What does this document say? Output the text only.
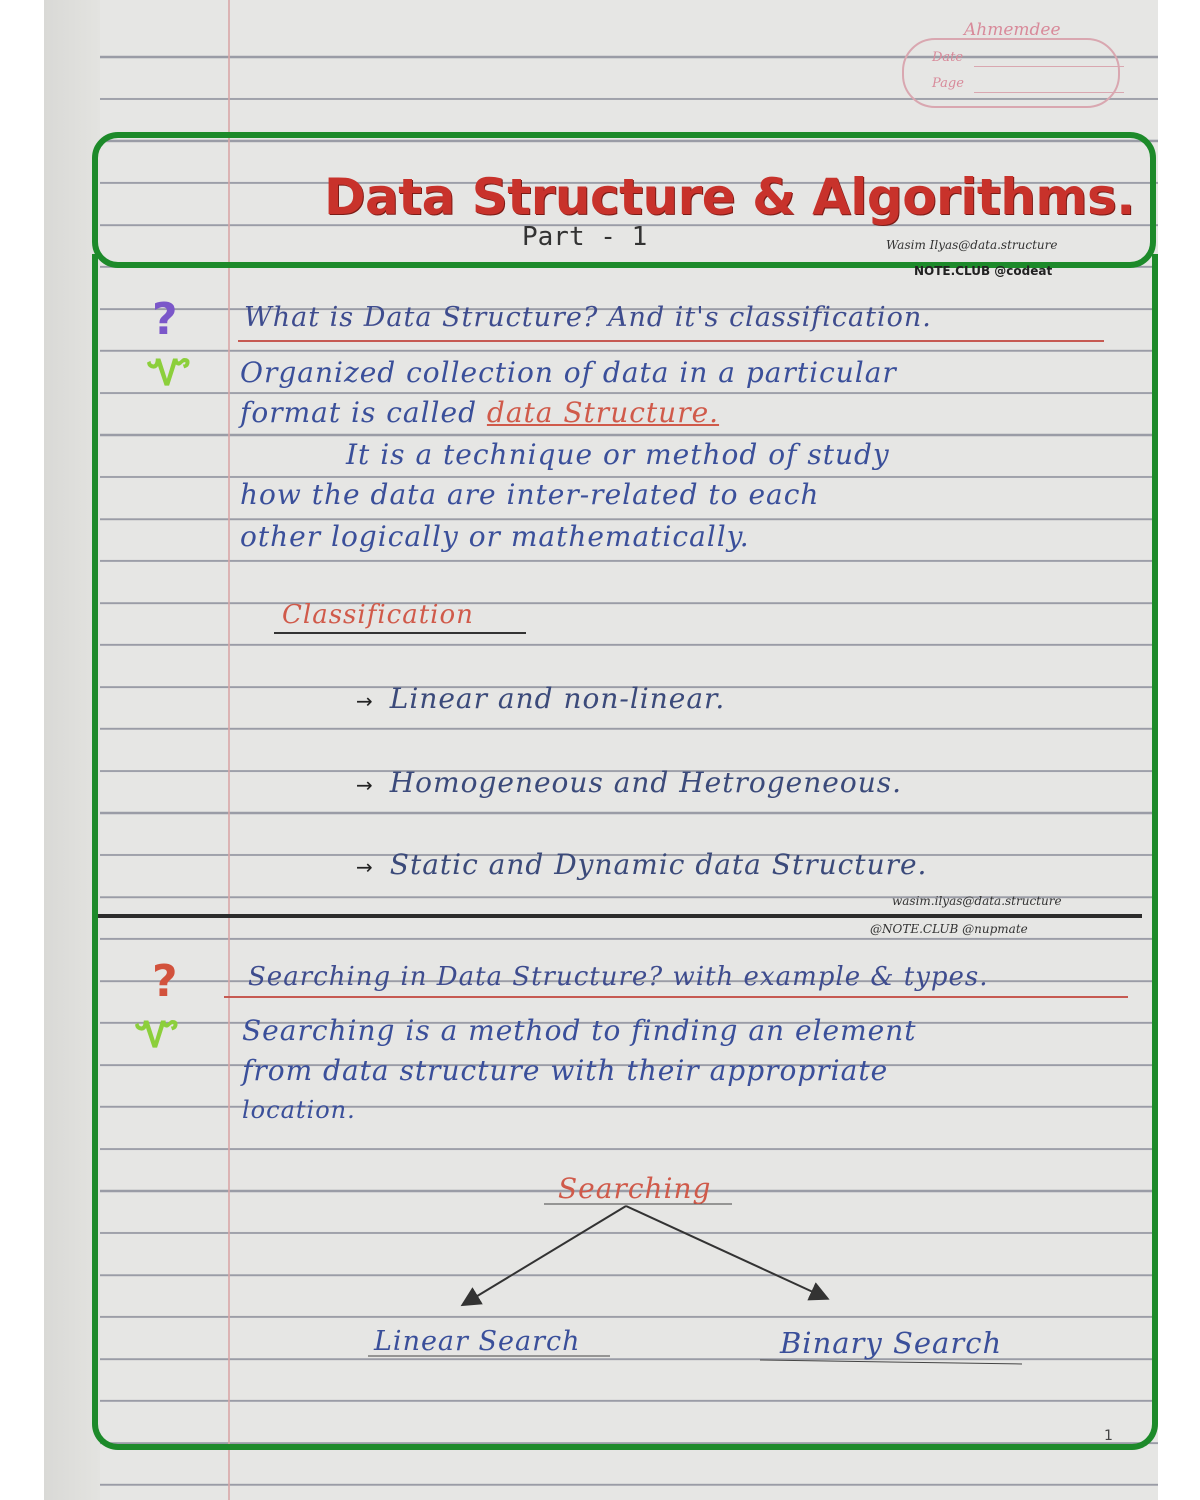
Ahmemdee
Date
Page
Data Structure & Algorithms.
Part - 1	Wasim Ilyas@data.structure
NOTE.CLUB @codeat
?
Ꮙ
What is Data Structure? And it's classification.
Organized collection of data in a particular
format is called data Structure.
It is a technique or method of study
how the data are inter-related to each
other logically or mathematically.
Classification
→ Linear and non-linear.
→ Homogeneous and Hetrogeneous.
→ Static and Dynamic data Structure.
wasim.ilyas@data.structure
@NOTE.CLUB @nupmate
?
Ꮙ
Searching in Data Structure? with example & types.
Searching is a method to finding an element
from data structure with their appropriate
location.
Searching
Linear Search	Binary Search
1
